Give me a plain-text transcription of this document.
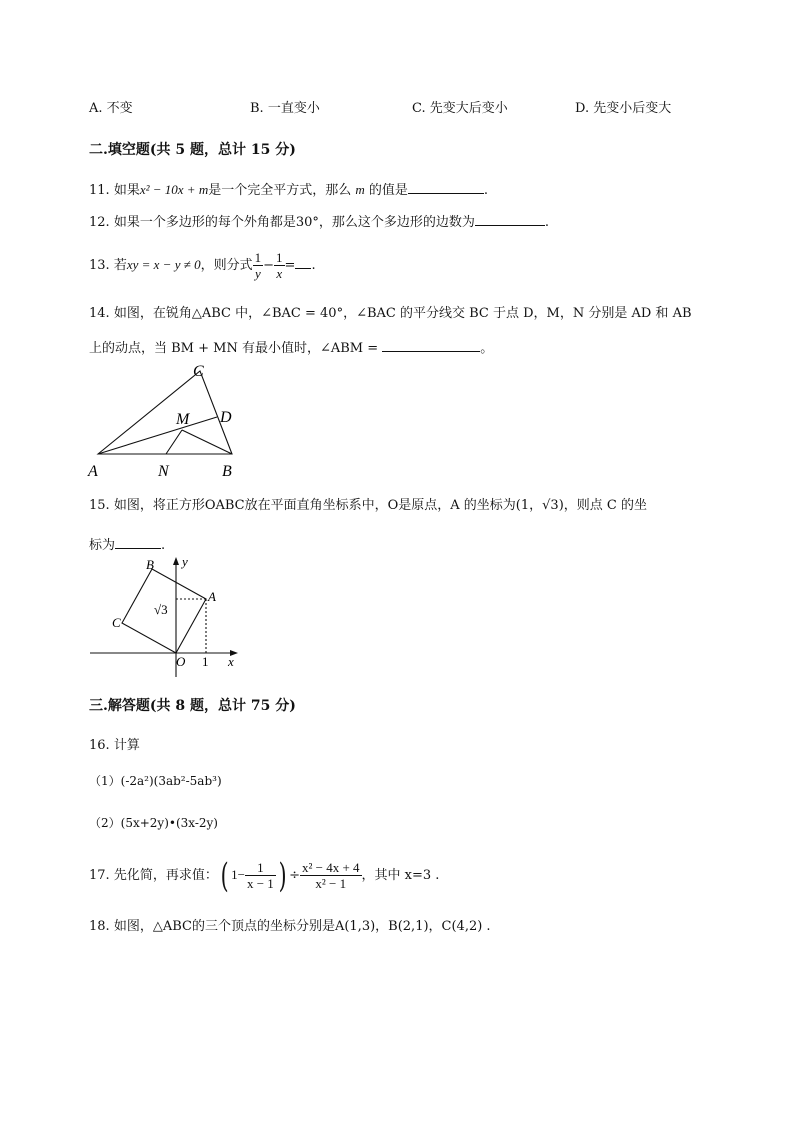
A. 不变	B. 一直变小	C. 先变大后变小	D. 先变小后变大
二.填空题(共 5 题，总计 15 分)
11. 如果x² − 10x + m是一个完全平方式，那么 m 的值是	.
12. 如果一个多边形的每个外角都是30°，那么这个多边形的边数为	.
13. 若xy = x − y ≠ 0，则分式 $\frac{1}{y} - \frac{1}{x}$ = .
14. 如图，在锐角△ABC 中，∠BAC = 40°，∠BAC 的平分线交 BC 于点 D，M，N 分别是 AD 和 AB
上的动点，当 BM + MN 有最小值时，∠ABM =	。
A	N	B
C
D
M
15. 如图，将正方形OABC放在平面直角坐标系中，O是原点，A 的坐标为(1，√3)，则点 C 的坐
标为	.
B y
A
C
O 1 x
√3
三.解答题(共 8 题，总计 75 分)
16. 计算
（1）(-2a²)(3ab²-5ab³)
（2）(5x+2y)•(3x-2y)
17. 先化简，再求值：( $1- \frac{1}{x - 1}$ ) ÷ $\frac{\text{x² − 4x + 4}}{\text{x² − 1}}$ ，其中 x=3 .
18. 如图，△ABC的三个顶点的坐标分别是A(1,3)，B(2,1)，C(4,2) .
